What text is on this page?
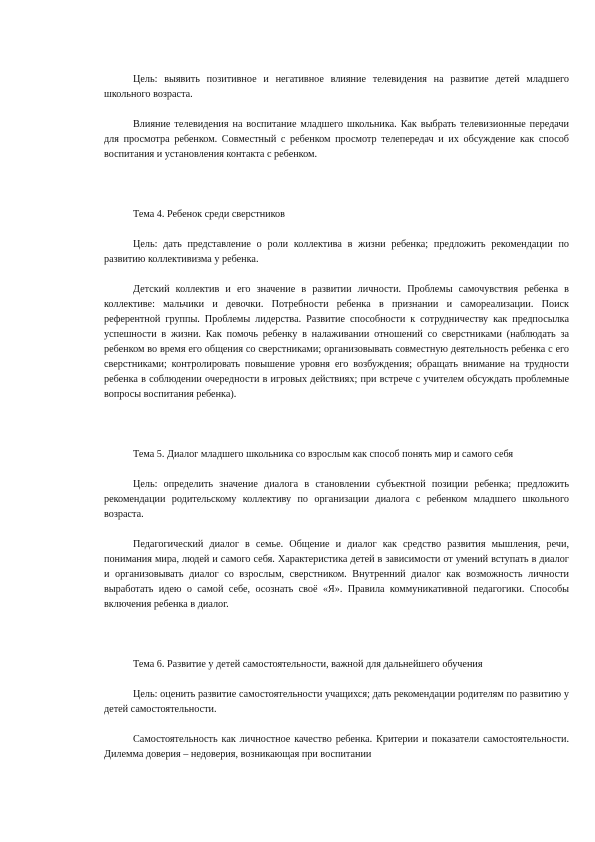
Цель: выявить позитивное и негативное влияние телевидения на развитие детей младшего школьного возраста.

Влияние телевидения на воспитание младшего школьника. Как выбрать телевизионные передачи для просмотра ребенком. Совместный с ребенком просмотр телепередач и их обсуждение как способ воспитания и установления контакта с ребенком.

Тема 4. Ребенок среди сверстников

Цель: дать представление о роли коллектива в жизни ребенка; предложить рекомендации по развитию коллективизма у ребенка.

Детский коллектив и его значение в развитии личности. Проблемы самочувствия ребенка в коллективе: мальчики и девочки. Потребности ребенка в признании и самореализации. Поиск референтной группы. Проблемы лидерства. Развитие способности к сотрудничеству как предпосылка успешности в жизни. Как помочь ребенку в налаживании отношений со сверстниками (наблюдать за ребенком во время его общения со сверстниками; организовывать совместную деятельность ребенка с его сверстниками; контролировать повышение уровня его возбуждения; обращать внимание на трудности ребенка в соблюдении очередности в игровых действиях; при встрече с учителем обсуждать проблемные вопросы воспитания ребенка).

Тема 5. Диалог младшего школьника со взрослым как способ понять мир и самого себя

Цель: определить значение диалога в становлении субъектной позиции ребенка; предложить рекомендации родительскому коллективу по организации диалога с ребенком младшего школьного возраста.

Педагогический диалог в семье. Общение и диалог как средство развития мышления, речи, понимания мира, людей и самого себя. Характеристика детей в зависимости от умений вступать в диалог и организовывать диалог со взрослым, сверстником. Внутренний диалог как возможность личности выработать идею о самой себе, осознать своё «Я». Правила коммуникативной педагогики. Способы включения ребенка в диалог.

Тема 6. Развитие у детей самостоятельности, важной для дальнейшего обучения

Цель: оценить развитие самостоятельности учащихся; дать рекомендации родителям по развитию у детей самостоятельности.

Самостоятельность как личностное качество ребенка. Критерии и показатели самостоятельности. Дилемма доверия – недоверия, возникающая при воспитании
